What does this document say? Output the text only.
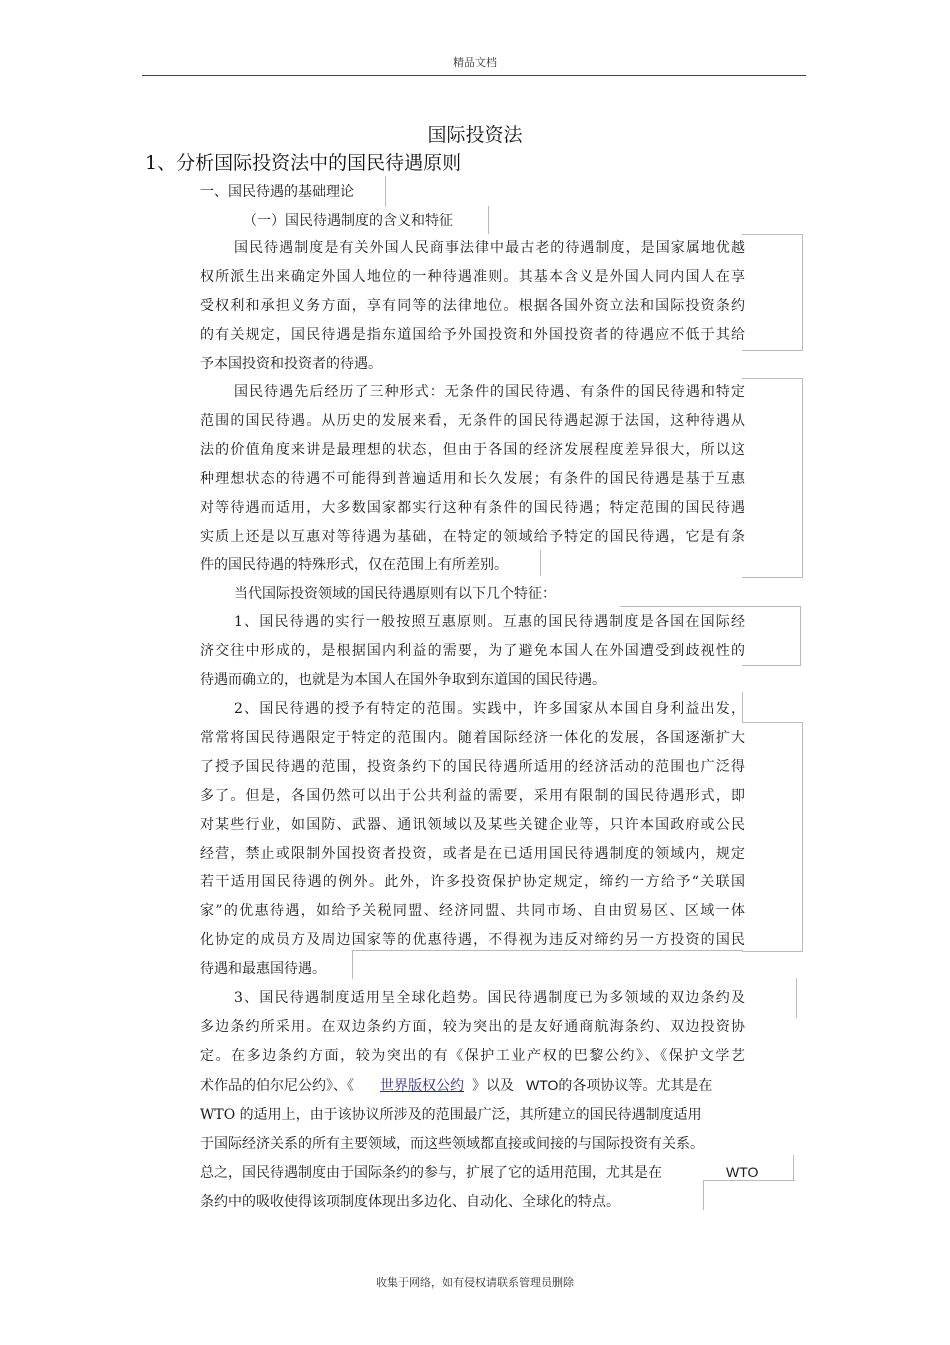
精品文档
国际投资法
1、分析国际投资法中的国民待遇原则
一、国民待遇的基础理论
（一）国民待遇制度的含义和特征
国民待遇制度是有关外国人民商事法律中最古老的待遇制度，是国家属地优越
权所派生出来确定外国人地位的一种待遇准则。其基本含义是外国人同内国人在享
受权利和承担义务方面，享有同等的法律地位。根据各国外资立法和国际投资条约
的有关规定，国民待遇是指东道国给予外国投资和外国投资者的待遇应不低于其给
予本国投资和投资者的待遇。
国民待遇先后经历了三种形式：无条件的国民待遇、有条件的国民待遇和特定
范围的国民待遇。从历史的发展来看，无条件的国民待遇起源于法国，这种待遇从
法的价值角度来讲是最理想的状态，但由于各国的经济发展程度差异很大，所以这
种理想状态的待遇不可能得到普遍适用和长久发展；有条件的国民待遇是基于互惠
对等待遇而适用，大多数国家都实行这种有条件的国民待遇；特定范围的国民待遇
实质上还是以互惠对等待遇为基础，在特定的领域给予特定的国民待遇，它是有条
件的国民待遇的特殊形式，仅在范围上有所差别。
当代国际投资领域的国民待遇原则有以下几个特征：
1、国民待遇的实行一般按照互惠原则。互惠的国民待遇制度是各国在国际经
济交往中形成的，是根据国内利益的需要，为了避免本国人在外国遭受到歧视性的
待遇而确立的，也就是为本国人在国外争取到东道国的国民待遇。
2、国民待遇的授予有特定的范围。实践中，许多国家从本国自身利益出发，
常常将国民待遇限定于特定的范围内。随着国际经济一体化的发展，各国逐渐扩大
了授予国民待遇的范围，投资条约下的国民待遇所适用的经济活动的范围也广泛得
多了。但是，各国仍然可以出于公共利益的需要，采用有限制的国民待遇形式，即
对某些行业，如国防、武器、通讯领域以及某些关键企业等，只许本国政府或公民
经营，禁止或限制外国投资者投资，或者是在已适用国民待遇制度的领域内，规定
若干适用国民待遇的例外。此外，许多投资保护协定规定，缔约一方给予“关联国
家”的优惠待遇，如给予关税同盟、经济同盟、共同市场、自由贸易区、区域一体
化协定的成员方及周边国家等的优惠待遇，不得视为违反对缔约另一方投资的国民
待遇和最惠国待遇。
3、国民待遇制度适用呈全球化趋势。国民待遇制度已为多领域的双边条约及
多边条约所采用。在双边条约方面，较为突出的是友好通商航海条约、双边投资协
定。在多边条约方面，较为突出的有《保护工业产权的巴黎公约》、《保护文学艺
术作品的伯尔尼公约》、《 世界版权公约 》以及 WTO的各项协议等。尤其是在
WTO 的适用上，由于该协议所涉及的范围最广泛，其所建立的国民待遇制度适用
于国际经济关系的所有主要领域，而这些领域都直接或间接的与国际投资有关系。
总之，国民待遇制度由于国际条约的参与，扩展了它的适用范围，尤其是在	WTO
条约中的吸收使得该项制度体现出多边化、自动化、全球化的特点。
收集于网络，如有侵权请联系管理员删除
